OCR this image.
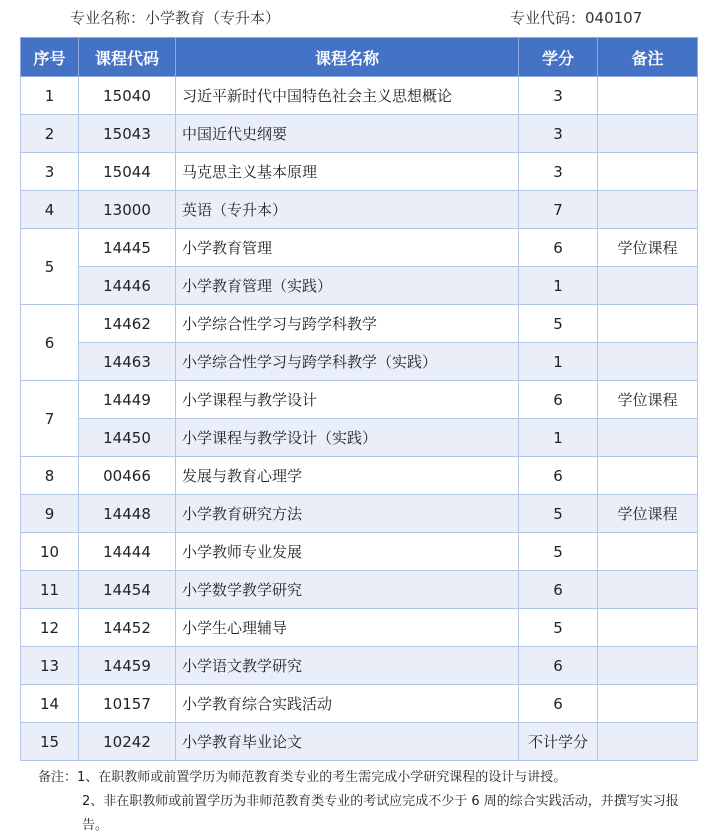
专业名称：小学教育（专升本）	专业代码：040107
序号	课程代码	课程名称	学分	备注
1	15040	习近平新时代中国特色社会主义思想概论	3	
2	15043	中国近代史纲要	3	
3	15044	马克思主义基本原理	3	
4	13000	英语（专升本）	7	
5	14445	小学教育管理	6	学位课程
	14446	小学教育管理（实践）	1	
6	14462	小学综合性学习与跨学科教学	5	
	14463	小学综合性学习与跨学科教学（实践）	1	
7	14449	小学课程与教学设计	6	学位课程
	14450	小学课程与教学设计（实践）	1	
8	00466	发展与教育心理学	6	
9	14448	小学教育研究方法	5	学位课程
10	14444	小学教师专业发展	5	
11	14454	小学数学教学研究	6	
12	14452	小学生心理辅导	5	
13	14459	小学语文教学研究	6	
14	10157	小学教育综合实践活动	6	
15	10242	小学教育毕业论文	不计学分	

备注：1、在职教师或前置学历为师范教育类专业的考生需完成小学研究课程的设计与讲授。

2、非在职教师或前置学历为非师范教育类专业的考试应完成不少于 6 周的综合实践活动，并撰写实习报告。
